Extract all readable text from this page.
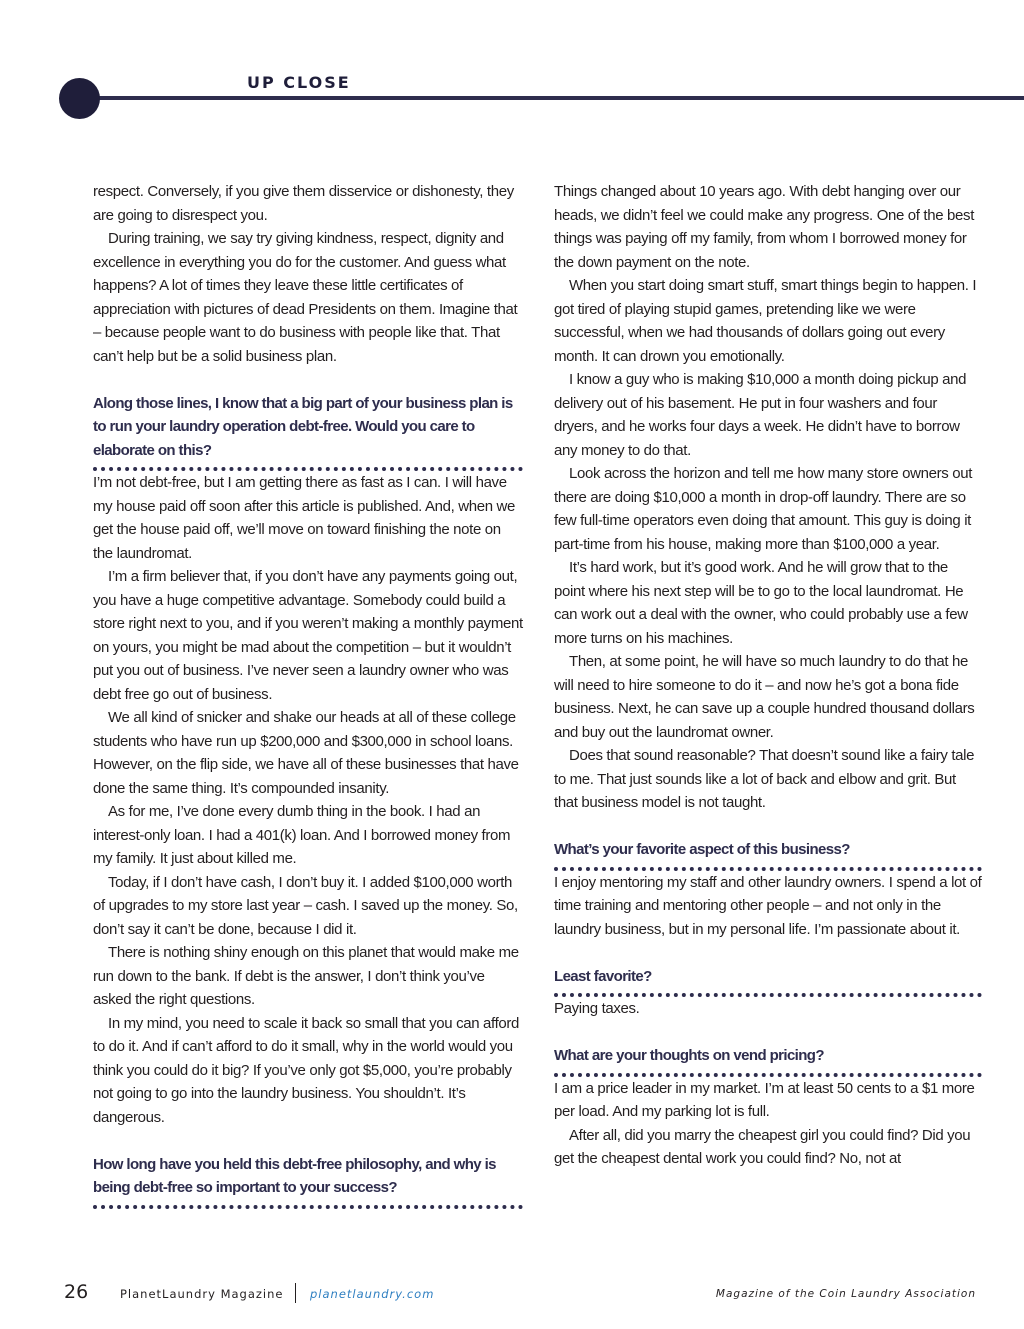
UP CLOSE

respect. Conversely, if you give them disservice or dishonesty, they are going to disrespect you.

During training, we say try giving kindness, respect, dignity and excellence in everything you do for the customer. And guess what happens? A lot of times they leave these little certificates of appreciation with pictures of dead Presidents on them. Imagine that – because people want to do business with people like that. That can’t help but be a solid business plan.

Along those lines, I know that a big part of your business plan is to run your laundry operation debt-free. Would you care to elaborate on this?

I’m not debt-free, but I am getting there as fast as I can. I will have my house paid off soon after this article is published. And, when we get the house paid off, we’ll move on toward finishing the note on the laundromat.

I’m a firm believer that, if you don’t have any payments going out, you have a huge competitive advantage. Somebody could build a store right next to you, and if you weren’t making a monthly payment on yours, you might be mad about the competition – but it wouldn’t put you out of business. I’ve never seen a laundry owner who was debt free go out of business.

We all kind of snicker and shake our heads at all of these college students who have run up $200,000 and $300,000 in school loans. However, on the flip side, we have all of these businesses that have done the same thing. It’s compounded insanity.

As for me, I’ve done every dumb thing in the book. I had an interest-only loan. I had a 401(k) loan. And I borrowed money from my family. It just about killed me.

Today, if I don’t have cash, I don’t buy it. I added $100,000 worth of upgrades to my store last year – cash. I saved up the money. So, don’t say it can’t be done, because I did it.

There is nothing shiny enough on this planet that would make me run down to the bank. If debt is the answer, I don’t think you’ve asked the right questions.

In my mind, you need to scale it back so small that you can afford to do it. And if can’t afford to do it small, why in the world would you think you could do it big? If you’ve only got $5,000, you’re probably not going to go into the laundry business. You shouldn’t. It’s dangerous.

How long have you held this debt-free philosophy, and why is being debt-free so important to your success?

Things changed about 10 years ago. With debt hanging over our heads, we didn’t feel we could make any progress. One of the best things was paying off my family, from whom I borrowed money for the down payment on the note.

When you start doing smart stuff, smart things begin to happen. I got tired of playing stupid games, pretending like we were successful, when we had thousands of dollars going out every month. It can drown you emotionally.

I know a guy who is making $10,000 a month doing pickup and delivery out of his basement. He put in four washers and four dryers, and he works four days a week. He didn’t have to borrow any money to do that.

Look across the horizon and tell me how many store owners out there are doing $10,000 a month in drop-off laundry. There are so few full-time operators even doing that amount. This guy is doing it part-time from his house, making more than $100,000 a year.

It’s hard work, but it’s good work. And he will grow that to the point where his next step will be to go to the local laundromat. He can work out a deal with the owner, who could probably use a few more turns on his machines.

Then, at some point, he will have so much laundry to do that he will need to hire someone to do it – and now he’s got a bona fide business. Next, he can save up a couple hundred thousand dollars and buy out the laundromat owner.

Does that sound reasonable? That doesn’t sound like a fairy tale to me. That just sounds like a lot of back and elbow and grit. But that business model is not taught.

What’s your favorite aspect of this business?

I enjoy mentoring my staff and other laundry owners. I spend a lot of time training and mentoring other people – and not only in the laundry business, but in my personal life. I’m passionate about it.

Least favorite?

Paying taxes.

What are your thoughts on vend pricing?

I am a price leader in my market. I’m at least 50 cents to a $1 more per load. And my parking lot is full.

After all, did you marry the cheapest girl you could find? Did you get the cheapest dental work you could find? No, not at

26	PlanetLaundry Magazine planetlaundry.com	Magazine of the Coin Laundry Association
